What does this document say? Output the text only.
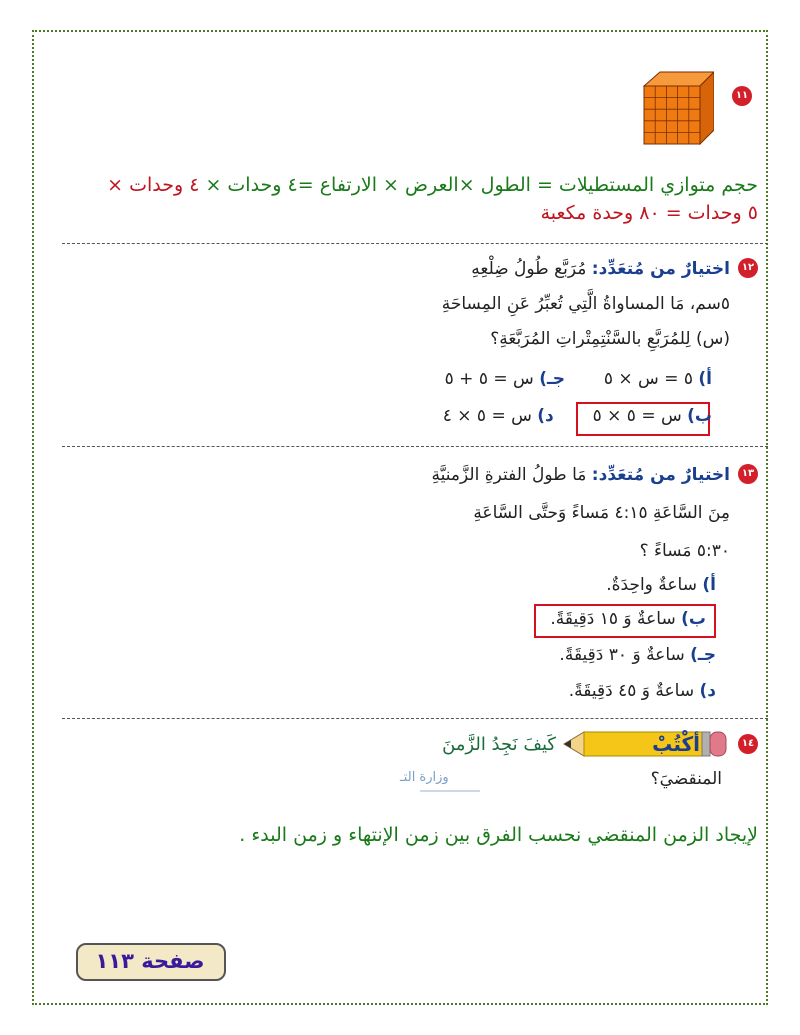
١١
حجم متوازي المستطيلات = الطول ×العرض × الارتفاع =٤ وحدات × ٤ وحدات ×
٥ وحدات = ٨٠ وحدة مكعبة
١٢
اختيارٌ من مُتعَدِّد: مُرَبَّع طُولُ ضِلْعِهِ
٥سم، مَا المساواةُ الَّتِي تُعبِّرُ عَنِ المِساحَةِ
(س) لِلمُرَبَّعِ بالسَّنْتِمِتْراتِ المُرَبَّعَةِ؟
أ) ٥ = س × ٥  جـ) س = ٥ + ٥
ب) س = ٥ × ٥  د) س = ٥ × ٤
١٣
اختيارٌ من مُتعَدِّد: مَا طولُ الفترةِ الزَّمنيَّةِ
مِنَ السَّاعَةِ ٤:١٥ مَساءً وَحتَّى السَّاعَةِ
٥:٣٠ مَساءً ؟
أ) ساعةٌ واحِدَةٌ.
ب) ساعةٌ وَ ١٥ دَقِيقَةً.
جـ) ساعةٌ وَ ٣٠ دَقِيقَةً.
د) ساعةٌ وَ ٤٥ دَقِيقَةً.
١٤
أكْتُبْ
كَيفَ نَجِدُ الزَّمنَ
وزارة التـ	المنقضيَ؟
لإيجاد الزمن المنقضي نحسب الفرق بين زمن الإنتهاء و زمن البدء .
صفحة ١١٣
